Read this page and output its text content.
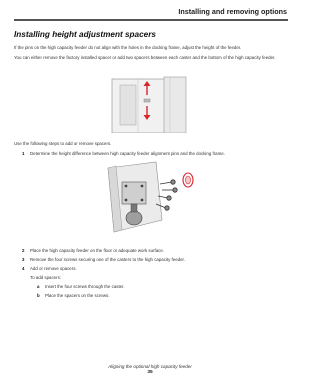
Installing and removing options
Installing height adjustment spacers
If the pins on the high capacity feeder do not align with the holes in the docking frame, adjust the height of the feeder.
You can either remove the factory installed spacer or add two spacers between each caster and the bottom of the high capacity feeder.
Use the following steps to add or remove spacers.
1 Determine the height difference between high capacity feeder alignment pins and the docking frame.
2 Place the high capacity feeder on the floor or adequate work surface.
3 Remove the four screws securing one of the casters to the high capacity feeder.
4 Add or remove spacers.
To add spacers:
a Insert the four screws through the caster.
b Place the spacers on the screws.
Aligning the optional high capacity feeder
35
